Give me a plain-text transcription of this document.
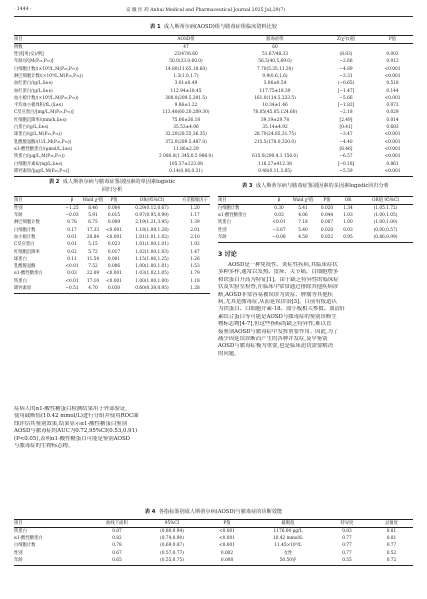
· 1444 ·	安 徽 医 药 Anhui Medical and Pharmaceutical Journal 2025 Jul;29(7)
表 1 成人斯蒂尔病(AOSD)组与脓毒症组临床资料比较
项目	AOSD组	脓毒症组	Z/χ²(t)值	P值
例数	47	60		
性别[男(女)/例]	23/47/6.60	51.67/48.33	(8.83)	0.003
年龄/岁[M(P₂₅,P₇₅)]	50.0(33.0,60.0)	56.5(40.5,69.0)	−2.66	0.013
白细胞计数/(×10⁹/L,M(P₂₅,P₇₅))	14.80(11.65,18.60)	7.70(5.35,11.20)	−4.89	<0.001
淋巴细胞计数/(×10⁹/L,M(P₂₅,P₇₅))	1.3(1.0,1.7)	0.9(0.6,1.6)	−3.31	<0.001
血红蛋白/(g/L,x̄±s)	3.01±0.49	3.06±0.54	(−0.65)	0.518
血红蛋白/(g/L,x̄±s)	112.94±18.45	117.75±18.39	[−1.47]	0.144
血小板计数/(×10⁹/L,M(P₂₅,P₇₅))	308.0(209.5,391.5)	161.0(114.5,233.5)	−5.66	<0.001
平均血小板体积/fL,(x̄±s)	9.86±1.22	10.34±1.46	[−1.82]	0.072
C反应蛋白/[mg/L,M(P₂₅,P₇₅)]	113.40(60.20,209.30)	78.05(45.05,124.60)	−2.18	0.029
红细胞沉降率/(mm/h,x̄±s)	75.06±36.18	39.19±29.78	[2.49]	0.014
白蛋白/(g/L,x̄±s)	35.53±4.96	35.14±4.92	[0.41]	0.683
球蛋白/(g/L,M(P₂₅,P₇₅))	32.20(28.55,36.35)	28.70(24.85,31.75)	−3.47	<0.001
乳酸脱氢酶/(U/L,M(P₂₅,P₇₅))	372.0(289.5,487.0)	215.5(178.0,320.0)	−4.40	<0.001
α1-酸性糖蛋白/(μmol/L,x̄±s)	11.80±2.29		[6.46]	<0.001
铁蛋白/(μg/L,M(P₂₅,P₇₅))	2 080.0(1 345.0,5 986.0)	615.0(290.4,1 156.0)	−6.57	<0.001
白细胞介素6/(ng/L,x̄±s)	105.37±123.08	116.27±412.38	[−0.18]	0.861
降钙素原/[μg/L,M(P₂₅,P₇₅)]	0.14(0.06,0.31)	0.48(0.11,3.85)	−5.59	<0.001
表 2 成人斯蒂尔病与脓毒症鉴别因素的单因素logistic
回归分析
项目	β	Wald χ²值	P值	OR(95%CI)	方差膨胀因子
性别	−1.25	8.46	0.004	0.29(0.12,0.67)	1.20
年龄	−0.03	5.91	0.015	0.97(0.95,0.99)	1.17
淋巴细胞计数	0.78	6.75	0.009	2.19(1.21,3.95)	1.39
白细胞计数	0.17	17.33	<0.001	1.18(1.09,1.28)	2.01
血小板计数	0.01	20.84	<0.001	1.01(1.01,1.02)	2.10
C反应蛋白	0.01	5.15	0.023	1.01(1.00,1.01)	1.92
红细胞沉降率	0.02	5.72	0.017	1.02(1.00,1.03)	1.47
球蛋白	0.11	11.54	0.001	1.15(1.06,1.25)	1.26
乳酸脱氢酶	<0.01	7.52	0.006	1.00(1.00,1.01)	1.53
α1-酸性糖蛋白	0.03	22.09	<0.001	1.03(1.02,1.05)	1.79
铁蛋白	<0.01	17.10	<0.001	1.00(1.00,1.00)	1.18
降钙素原	−0.51	4.70	0.030	0.60(0.38,0.95)	1.28
表 3 成人斯蒂尔病与脓毒症鉴别因素的多因素logistic回归分析
项目	β	Wald χ²值	P值	OR	OR值 95%CI
白细胞计数	0.30	5.41	0.020	1.34	(1.05,1.72)
α1-酸性糖蛋白	0.03	4.06	0.044	1.03	(1.00,1.05)
铁蛋白	<0.01	7.18	0.007	1.00	(1.00,1.00)
性别	−3.67	5.40	0.020	0.03	(0.00,0.57)
年龄	−0.08	4.59	0.032	0.95	(0.86,0.99)
3 讨论
AOSD是一种免疫性、炎症性疾病,其临床症状
多种多样,通常以发热、皮疹、关节痛、白细胞增多
和铁蛋白升高为特征[1]。由于缺乏特异性的临床症
状及实验室检查,在临床中常常通过排除其他疾病诊
断,AOSD非常容易被误诊为炎症、肿瘤等其他疾
病,尤其是脓毒症,从而延误诊治[3]。目前有报道认
为铁蛋白、白细胞介素-18、血小板相关参数、血清肝
素结合蛋白等可能是AOSD与脓毒症的鉴别诊断生
物标志物[4-7],但这些指标尚缺乏特异性,难以直
接鉴别AOSD与脓毒症中发挥重要作用。因此,为了
减少因延误诊断而产生的各种并发症,及早鉴别
AOSD与脓毒症极为重要,也是临床迫切需要解决
的问题。
症病人的α1-酸性糖蛋白检测结果用于外部验证,
使用截断值(10.42 mmol/L)进行分组并使用ROC曲
线评估其鉴别效果,结果显示α1-酸性糖蛋白鉴别
AOSD与脓毒症的AUC为0.72,95%CI(0.53,0.91)
(P<0.05),表明α1-酸性糖蛋白可能是鉴别AOSD
与脓毒症的生物标志物。
表 4 各指标鉴别成人斯蒂尔病(AOSD)与脓毒症的诊断效能
项目	曲线下面积	95%CI	P值	截断值	特异度	灵敏度
铁蛋白	0.87	(0.80,0.94)	<0.001	1176.00 μg/L	0.83	0.81
α1-酸性糖蛋白	0.82	(0.74,0.90)	<0.001	10.42 mmol/L	0.77	0.81
白细胞计数	0.78	(0.69,0.87)	<0.001	11.45×10⁹/L	0.77	0.77
性别	0.67	(0.57,0.77)	0.002	女性	0.77	0.52
年龄	0.65	(0.55,0.75)	0.008	50.50岁	0.55	0.72
